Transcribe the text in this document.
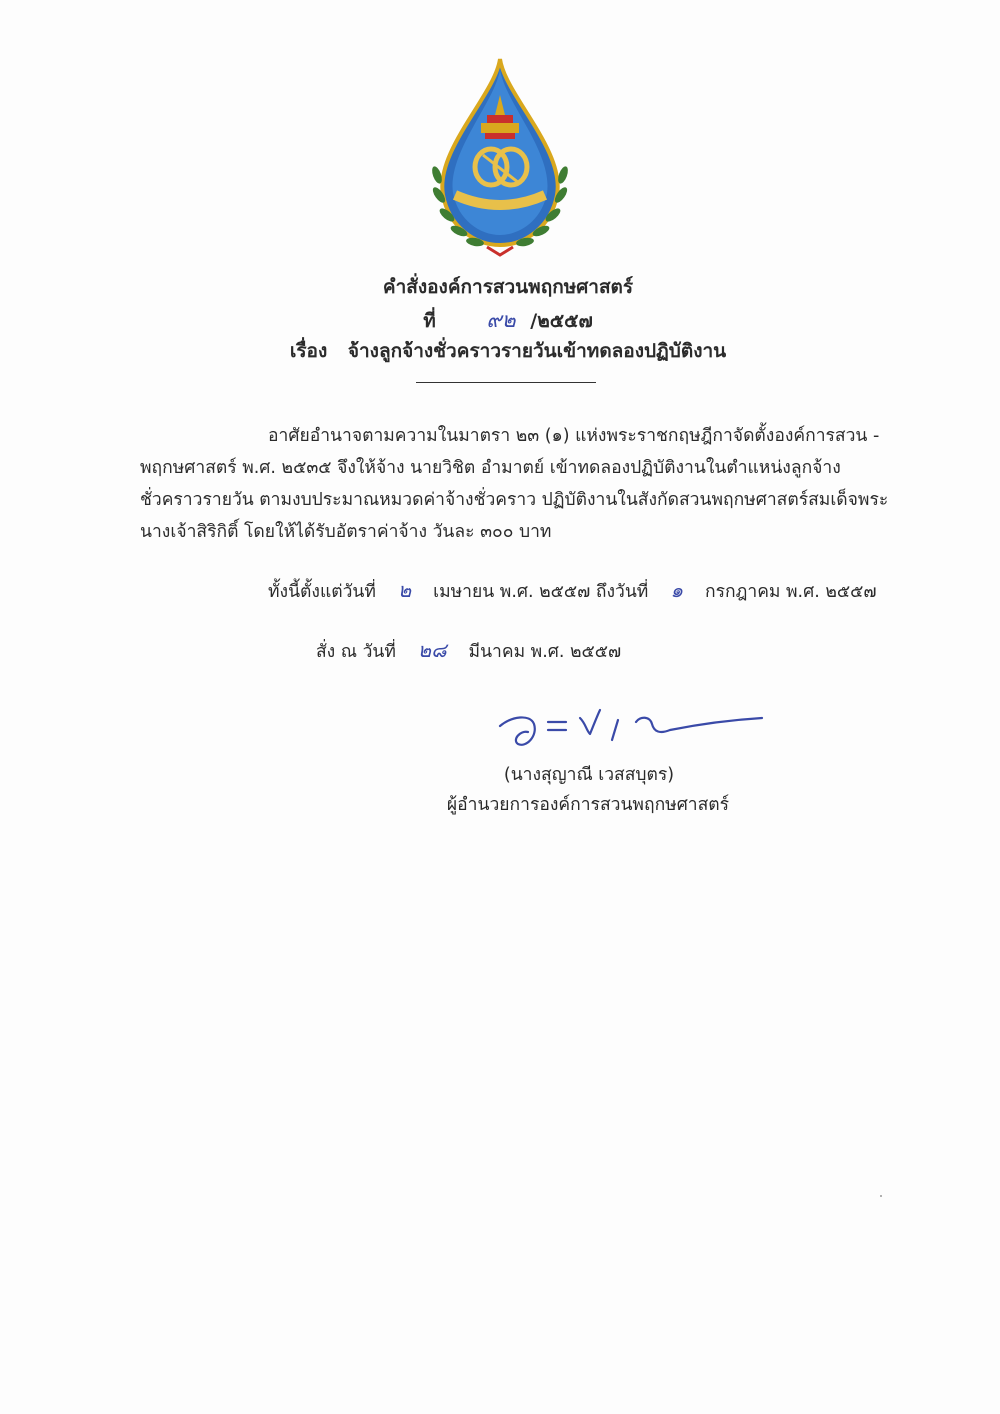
คำสั่งองค์การสวนพฤกษศาสตร์
ที่ ๙๒ /๒๕๕๗
เรื่อง จ้างลูกจ้างชั่วคราวรายวันเข้าทดลองปฏิบัติงาน

อาศัยอำนาจตามความในมาตรา ๒๓ (๑) แห่งพระราชกฤษฎีกาจัดตั้งองค์การสวน -

พฤกษศาสตร์ พ.ศ. ๒๕๓๕ จึงให้จ้าง นายวิชิต อำมาตย์ เข้าทดลองปฏิบัติงานในตำแหน่งลูกจ้าง

ชั่วคราวรายวัน ตามงบประมาณหมวดค่าจ้างชั่วคราว ปฏิบัติงานในสังกัดสวนพฤกษศาสตร์สมเด็จพระ

นางเจ้าสิริกิติ์ โดยให้ได้รับอัตราค่าจ้าง วันละ ๓๐๐ บาท

ทั้งนี้ตั้งแต่วันที่ ๒ เมษายน พ.ศ. ๒๕๕๗ ถึงวันที่ ๑ กรกฎาคม พ.ศ. ๒๕๕๗
สั่ง ณ วันที่ ๒๘ มีนาคม พ.ศ. ๒๕๕๗
(นางสุญาณี เวสสบุตร)
ผู้อำนวยการองค์การสวนพฤกษศาสตร์
